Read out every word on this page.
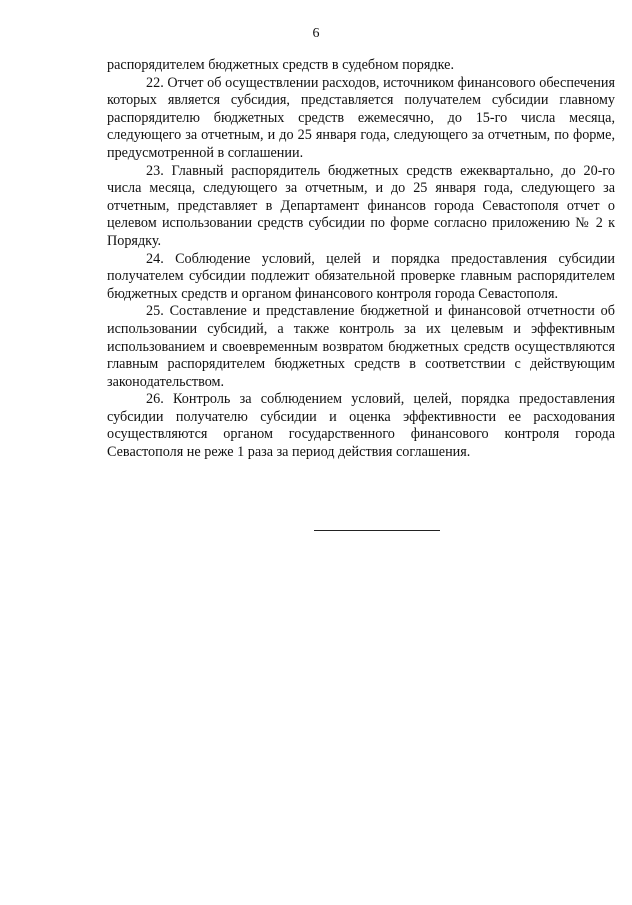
6

распорядителем бюджетных средств в судебном порядке.

22. Отчет об осуществлении расходов, источником финансового обеспечения которых является субсидия, представляется получателем субсидии главному распорядителю бюджетных средств ежемесячно, до 15-го числа месяца, следующего за отчетным, и до 25 января года, следующего за отчетным, по форме, предусмотренной в соглашении.

23. Главный распорядитель бюджетных средств ежеквартально, до 20-го числа месяца, следующего за отчетным, и до 25 января года, следующего за отчетным, представляет в Департамент финансов города Севастополя отчет о целевом использовании средств субсидии по форме согласно приложению № 2 к Порядку.

24. Соблюдение условий, целей и порядка предоставления субсидии получателем субсидии подлежит обязательной проверке главным распорядителем бюджетных средств и органом финансового контроля города Севастополя.

25. Составление и представление бюджетной и финансовой отчетности об использовании субсидий, а также контроль за их целевым и эффективным использованием и своевременным возвратом бюджетных средств осуществляются главным распорядителем бюджетных средств в соответствии с действующим законодательством.

26. Контроль за соблюдением условий, целей, порядка предоставления субсидии получателю субсидии и оценка эффективности ее расходования осуществляются органом государственного финансового контроля города Севастополя не реже 1 раза за период действия соглашения.
